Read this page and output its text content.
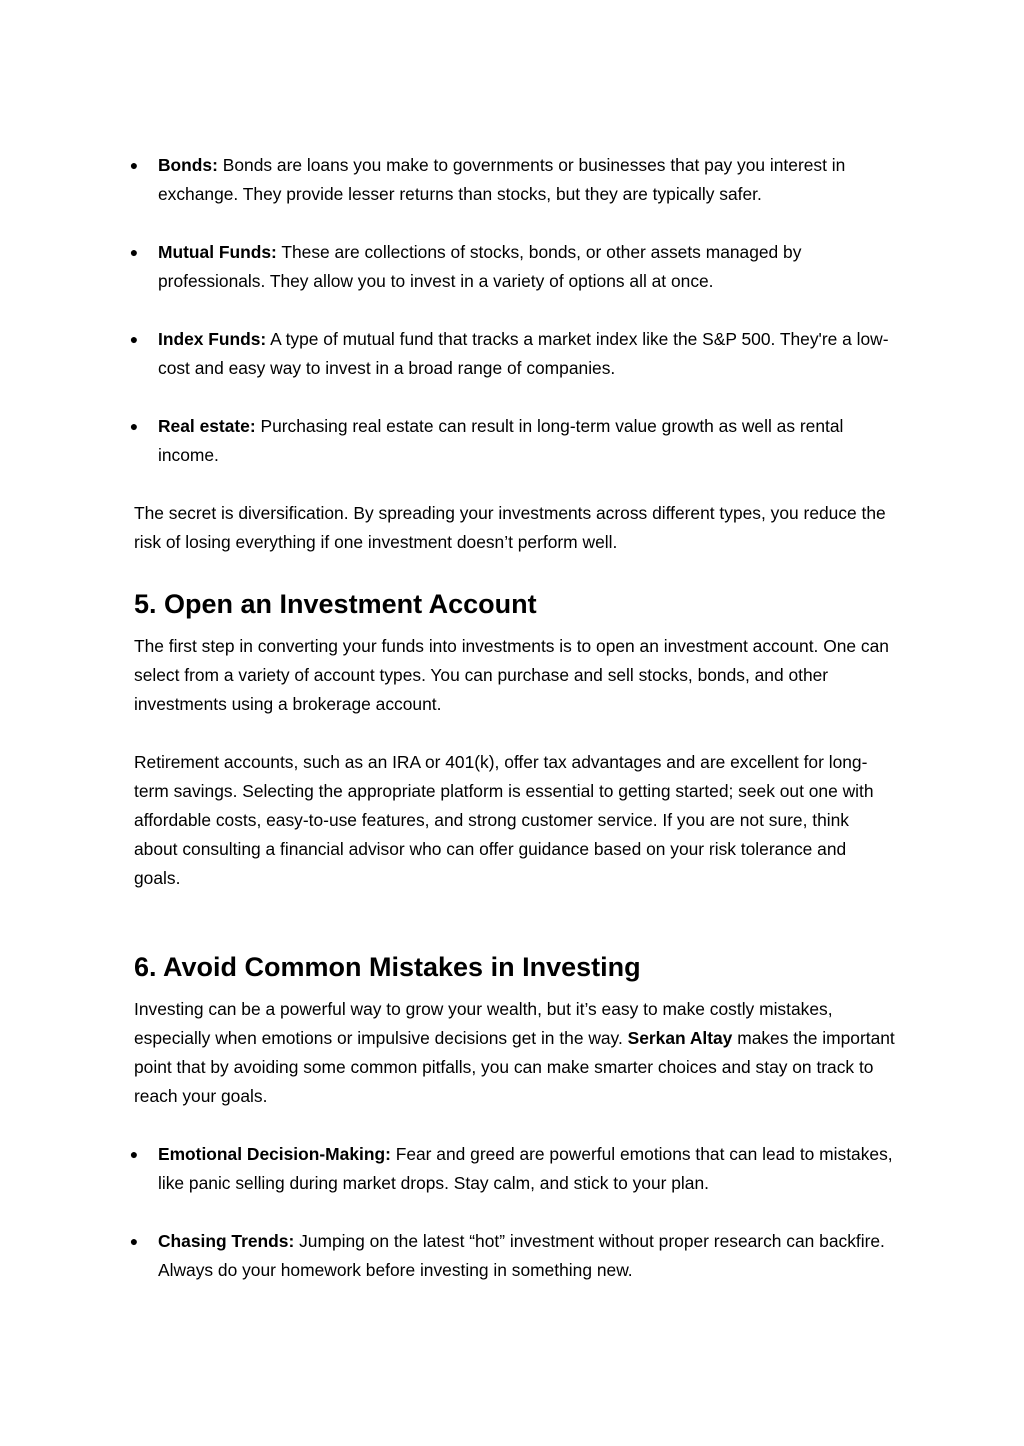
● Bonds: Bonds are loans you make to governments or businesses that pay you interest in exchange. They provide lesser returns than stocks, but they are typically safer.
● Mutual Funds: These are collections of stocks, bonds, or other assets managed by professionals. They allow you to invest in a variety of options all at once.
● Index Funds: A type of mutual fund that tracks a market index like the S&P 500. They're a low-cost and easy way to invest in a broad range of companies.
● Real estate: Purchasing real estate can result in long-term value growth as well as rental income.

The secret is diversification. By spreading your investments across different types, you reduce the risk of losing everything if one investment doesn’t perform well.

5. Open an Investment Account

The first step in converting your funds into investments is to open an investment account. One can select from a variety of account types. You can purchase and sell stocks, bonds, and other investments using a brokerage account.

Retirement accounts, such as an IRA or 401(k), offer tax advantages and are excellent for long-term savings. Selecting the appropriate platform is essential to getting started; seek out one with affordable costs, easy-to-use features, and strong customer service. If you are not sure, think about consulting a financial advisor who can offer guidance based on your risk tolerance and goals.

6. Avoid Common Mistakes in Investing

Investing can be a powerful way to grow your wealth, but it’s easy to make costly mistakes, especially when emotions or impulsive decisions get in the way. Serkan Altay makes the important point that by avoiding some common pitfalls, you can make smarter choices and stay on track to reach your goals.

● Emotional Decision-Making: Fear and greed are powerful emotions that can lead to mistakes, like panic selling during market drops. Stay calm, and stick to your plan.
● Chasing Trends: Jumping on the latest “hot” investment without proper research can backfire. Always do your homework before investing in something new.
